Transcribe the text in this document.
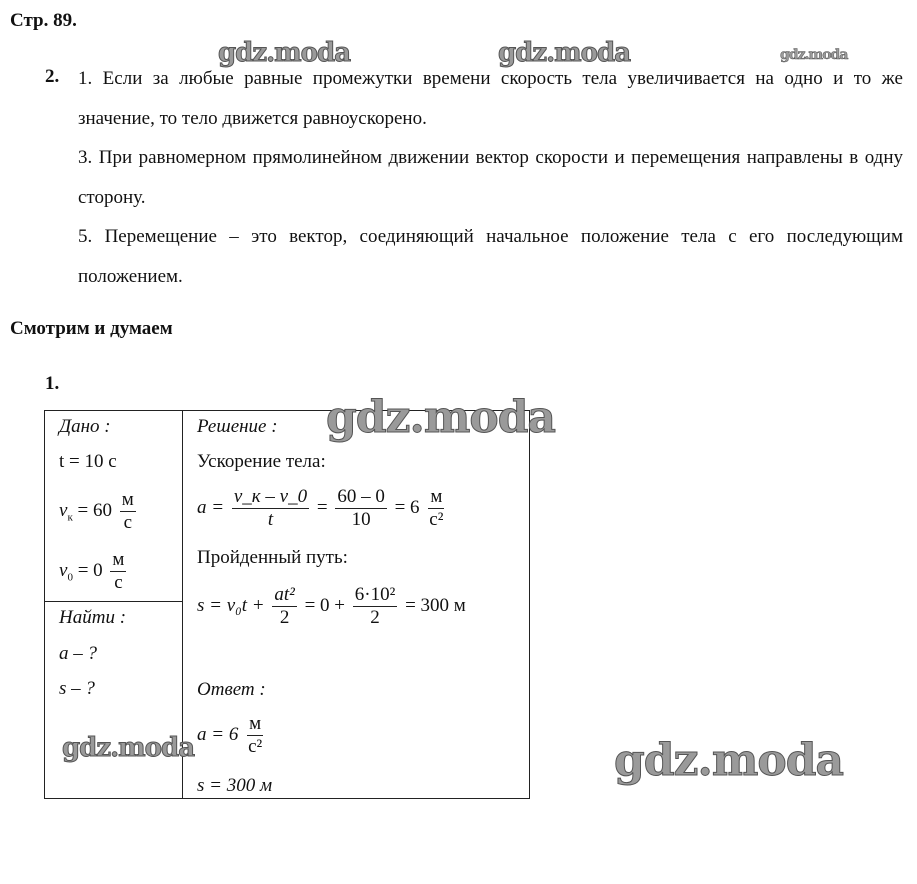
Стр. 89.
gdz.moda	gdz.moda	gdz.moda
2. 1. Если за любые равные промежутки времени скорость тела увеличивается на одно и то же значение, то тело движется равноускорено.
3. При равномерном прямолинейном движении вектор скорости и перемещения направлены в одну сторону.
5. Перемещение – это вектор, соединяющий начальное положение тела с его последующим положением.
Смотрим и думаем
1.
Дано :
t = 10 с
$v_к = 60 \frac{м}{с}$
$v_0 = 0 \frac{м}{с}$
Найти :
a – ?
s – ?
Решение :
Ускорение тела:
$a = \frac{v\_к - v\_0}{t} = \frac{60 - 0}{10} = 6 \frac{м}{\text{с²}}$
Пройденный путь:
$s = v_0t + \frac{\text{at²}}{2} = 0 + \frac{\text{6·10²}}{2} = 300$ м
Ответ :
$a = 6 \frac{м}{\text{с²}}$
s = 300 м
gdz.moda
gdz.moda	gdz.moda
